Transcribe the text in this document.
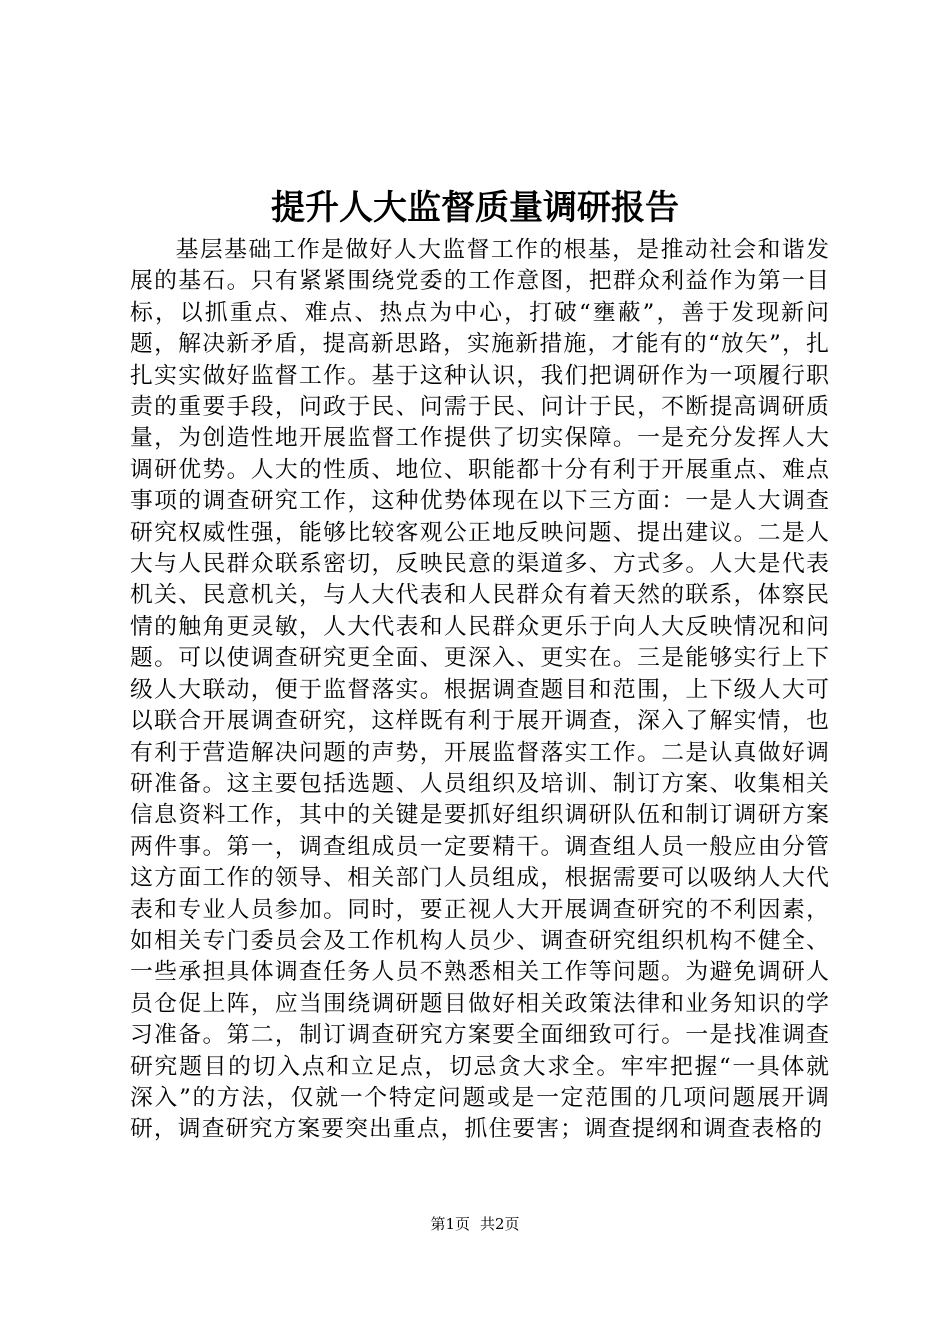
提升人大监督质量调研报告

基层基础工作是做好人大监督工作的根基，是推动社会和谐发展的基石。只有紧紧围绕党委的工作意图，把群众利益作为第一目标，以抓重点、难点、热点为中心，打破“壅蔽”，善于发现新问题，解决新矛盾，提高新思路，实施新措施，才能有的“放矢”，扎扎实实做好监督工作。基于这种认识，我们把调研作为一项履行职责的重要手段，问政于民、问需于民、问计于民，不断提高调研质量，为创造性地开展监督工作提供了切实保障。一是充分发挥人大调研优势。人大的性质、地位、职能都十分有利于开展重点、难点事项的调查研究工作，这种优势体现在以下三方面：一是人大调查研究权威性强，能够比较客观公正地反映问题、提出建议。二是人大与人民群众联系密切，反映民意的渠道多、方式多。人大是代表机关、民意机关，与人大代表和人民群众有着天然的联系，体察民情的触角更灵敏，人大代表和人民群众更乐于向人大反映情况和问题。可以使调查研究更全面、更深入、更实在。三是能够实行上下级人大联动，便于监督落实。根据调查题目和范围，上下级人大可以联合开展调查研究，这样既有利于展开调查，深入了解实情，也有利于营造解决问题的声势，开展监督落实工作。二是认真做好调研准备。这主要包括选题、人员组织及培训、制订方案、收集相关信息资料工作，其中的关键是要抓好组织调研队伍和制订调研方案两件事。第一，调查组成员一定要精干。调查组人员一般应由分管这方面工作的领导、相关部门人员组成，根据需要可以吸纳人大代表和专业人员参加。同时，要正视人大开展调查研究的不利因素，如相关专门委员会及工作机构人员少、调查研究组织机构不健全、一些承担具体调查任务人员不熟悉相关工作等问题。为避免调研人员仓促上阵，应当围绕调研题目做好相关政策法律和业务知识的学习准备。第二，制订调查研究方案要全面细致可行。一是找准调查研究题目的切入点和立足点，切忌贪大求全。牢牢把握“一具体就深入”的方法，仅就一个特定问题或是一定范围的几项问题展开调研，调查研究方案要突出重点，抓住要害；调查提纲和调查表格的

第1页 共2页
